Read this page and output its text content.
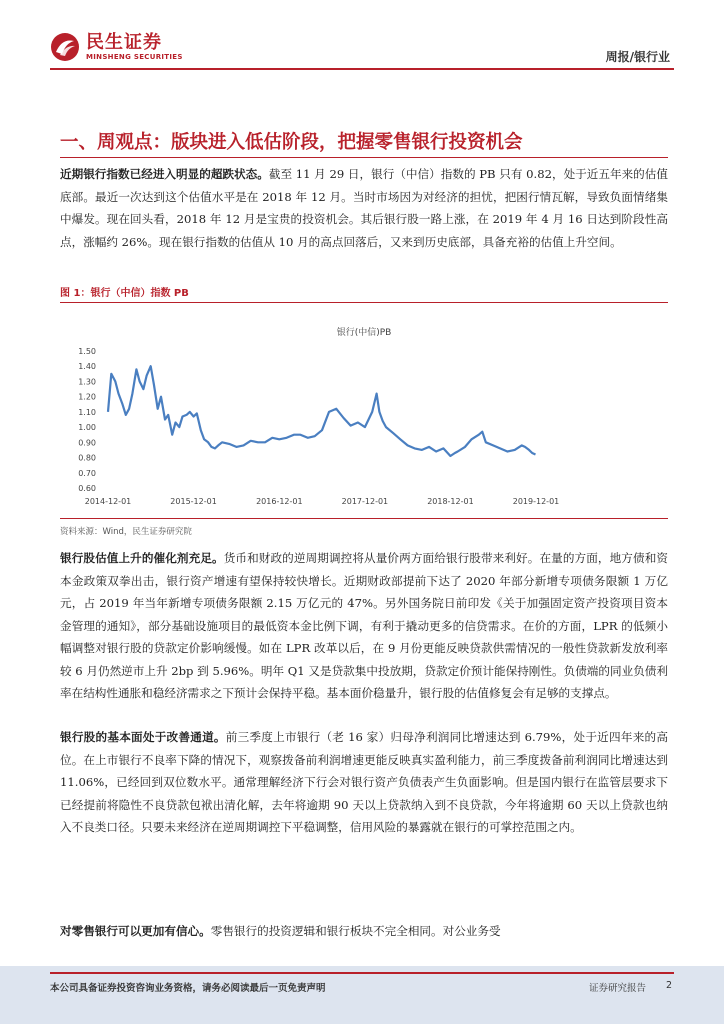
民生证券
MINSHENG SECURITIES	周报/银行业
一、周观点：版块进入低估阶段，把握零售银行投资机会
近期银行指数已经进入明显的超跌状态。截至 11 月 29 日，银行（中信）指数的 PB 只有 0.82，处于近五年来的估值底部。最近一次达到这个估值水平是在 2018 年 12 月。当时市场因为对经济的担忧，把困行情瓦解，导致负面情绪集中爆发。现在回头看，2018 年 12 月是宝贵的投资机会。其后银行股一路上涨，在 2019 年 4 月 16 日达到阶段性高点，涨幅约 26%。现在银行指数的估值从 10 月的高点回落后，又来到历史底部，具备充裕的估值上升空间。
图 1：银行（中信）指数 PB
银行(中信)PB
0.60
0.70
0.80
0.90
1.00
1.10
1.20
1.30
1.40
1.50
2014-12-01	2015-12-01	2016-12-01	2017-12-01	2018-12-01	2019-12-01
资料来源：Wind，民生证券研究院
银行股估值上升的催化剂充足。货币和财政的逆周期调控将从量价两方面给银行股带来利好。在量的方面，地方债和资本金政策双拳出击，银行资产增速有望保持较快增长。近期财政部提前下达了 2020 年部分新增专项债务限额 1 万亿元，占 2019 年当年新增专项债务限额 2.15 万亿元的 47%。另外国务院日前印发《关于加强固定资产投资项目资本金管理的通知》，部分基础设施项目的最低资本金比例下调，有利于撬动更多的信贷需求。在价的方面，LPR 的低频小幅调整对银行股的贷款定价影响缓慢。如在 LPR 改革以后，在 9 月份更能反映贷款供需情况的一般性贷款新发放利率较 6 月仍然逆市上升 2bp 到 5.96%。明年 Q1 又是贷款集中投放期，贷款定价预计能保持刚性。负债端的同业负债利率在结构性通胀和稳经济需求之下预计会保持平稳。基本面价稳量升，银行股的估值修复会有足够的支撑点。
银行股的基本面处于改善通道。前三季度上市银行（老 16 家）归母净利润同比增速达到 6.79%，处于近四年来的高位。在上市银行不良率下降的情况下，观察拨备前利润增速更能反映真实盈利能力，前三季度拨备前利润同比增速达到 11.06%，已经回到双位数水平。通常理解经济下行会对银行资产负债表产生负面影响。但是国内银行在监管层要求下已经提前将隐性不良贷款包袱出清化解，去年将逾期 90 天以上贷款纳入到不良贷款，今年将逾期 60 天以上贷款也纳入不良类口径。只要未来经济在逆周期调控下平稳调整，信用风险的暴露就在银行的可掌控范围之内。
对零售银行可以更加有信心。零售银行的投资逻辑和银行板块不完全相同。对公业务受
本公司具备证券投资咨询业务资格，请务必阅读最后一页免责声明	证券研究报告 2
